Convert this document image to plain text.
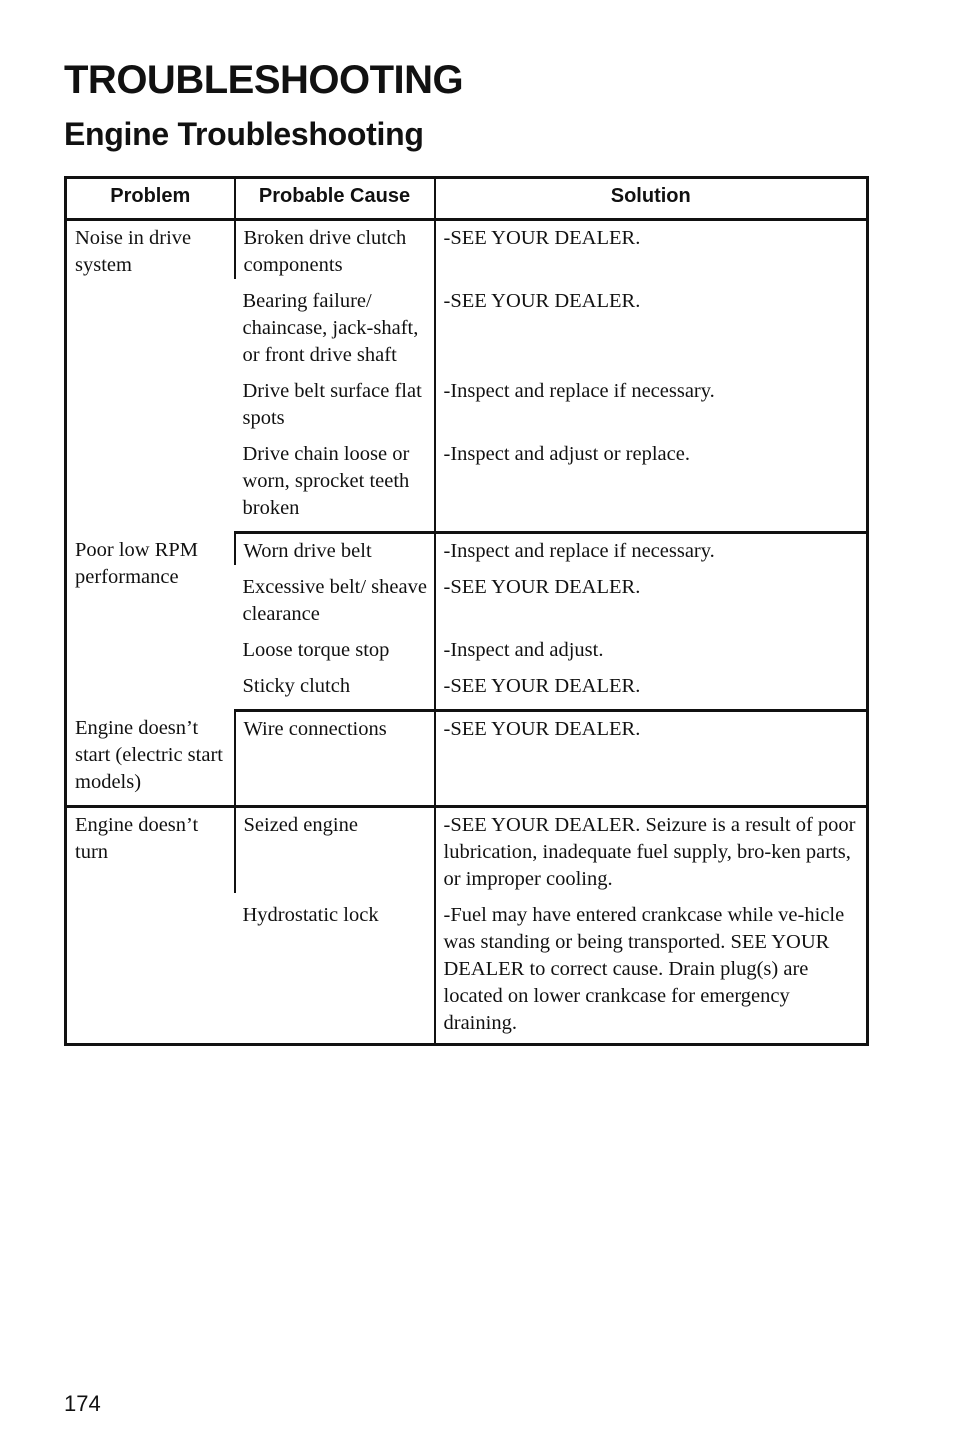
TROUBLESHOOTING
Engine Troubleshooting
Problem	Probable Cause	Solution
Noise in drive system	Broken drive clutch components	-SEE YOUR DEALER.
	Bearing failure/ chaincase, jack-shaft, or front drive shaft	-SEE YOUR DEALER.
	Drive belt surface flat spots	-Inspect and replace if necessary.
	Drive chain loose or worn, sprocket teeth broken	-Inspect and adjust or replace.
Poor low RPM performance	Worn drive belt	-Inspect and replace if necessary.
	Excessive belt/ sheave clearance	-SEE YOUR DEALER.
	Loose torque stop	-Inspect and adjust.
	Sticky clutch	-SEE YOUR DEALER.
Engine doesn’t start (electric start models)	Wire connections	-SEE YOUR DEALER.
Engine doesn’t turn	Seized engine	-SEE YOUR DEALER. Seizure is a result of poor lubrication, inadequate fuel supply, bro-ken parts, or improper cooling.
	Hydrostatic lock	-Fuel may have entered crankcase while ve-hicle was standing or being transported. SEE YOUR DEALER to correct cause. Drain plug(s) are located on lower crankcase for emergency draining.
174
